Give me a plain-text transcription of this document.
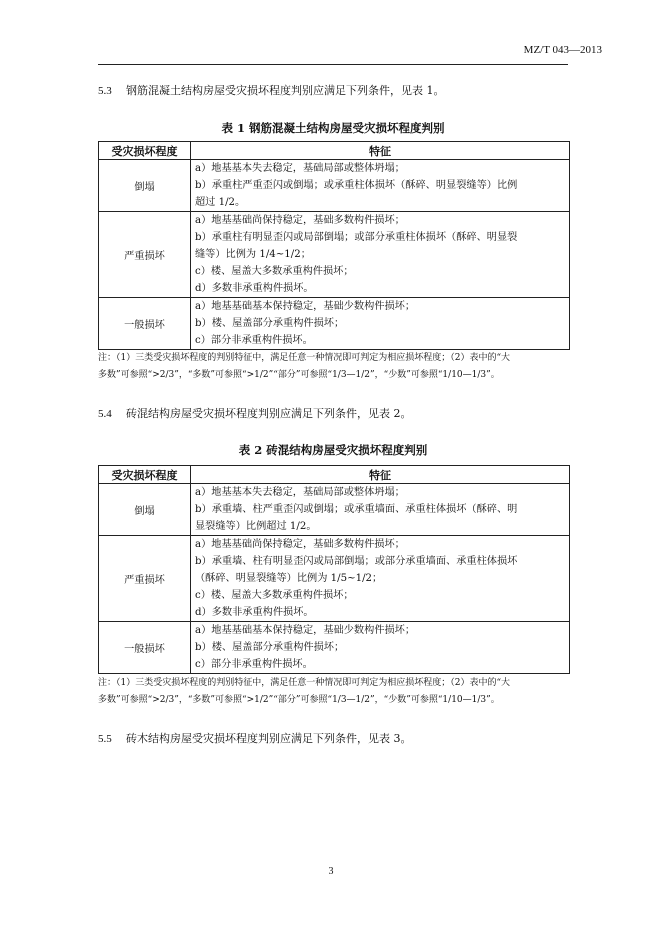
MZ/T 043—2013
5.3 钢筋混凝土结构房屋受灾损坏程度判别应满足下列条件，见表 1。
表 1 钢筋混凝土结构房屋受灾损坏程度判别
受灾损坏程度	特征
倒塌	a）地基基本失去稳定，基础局部或整体坍塌；
b）承重柱严重歪闪或倒塌；或承重柱体损坏（酥碎、明显裂缝等）比例
超过 1/2。

严重损坏	a）地基基础尚保持稳定，基础多数构件损坏；
b）承重柱有明显歪闪或局部倒塌；或部分承重柱体损坏（酥碎、明显裂
缝等）比例为 1/4~1/2；
c）楼、屋盖大多数承重构件损坏；
d）多数非承重构件损坏。

一般损坏	a）地基基础基本保持稳定，基础少数构件损坏；
b）楼、屋盖部分承重构件损坏；
c）部分非承重构件损坏。
注：（1）三类受灾损坏程度的判别特征中，满足任意一种情况即可判定为相应损坏程度；（2）表中的“大
多数”可参照“>2/3”，“多数”可参照“>1/2”“部分”可参照“1/3—1/2”，“少数”可参照“1/10—1/3”。
5.4 砖混结构房屋受灾损坏程度判别应满足下列条件，见表 2。
表 2 砖混结构房屋受灾损坏程度判别
受灾损坏程度	特征
倒塌	a）地基基本失去稳定，基础局部或整体坍塌；
b）承重墙、柱严重歪闪或倒塌；或承重墙面、承重柱体损坏（酥碎、明
显裂缝等）比例超过 1/2。

严重损坏	a）地基基础尚保持稳定，基础多数构件损坏；
b）承重墙、柱有明显歪闪或局部倒塌；或部分承重墙面、承重柱体损坏
（酥碎、明显裂缝等）比例为 1/5~1/2；
c）楼、屋盖大多数承重构件损坏；
d）多数非承重构件损坏。

一般损坏	a）地基基础基本保持稳定，基础少数构件损坏；
b）楼、屋盖部分承重构件损坏；
c）部分非承重构件损坏。
注：（1）三类受灾损坏程度的判别特征中，满足任意一种情况即可判定为相应损坏程度；（2）表中的“大
多数”可参照“>2/3”，“多数”可参照“>1/2”“部分”可参照“1/3—1/2”，“少数”可参照“1/10—1/3”。
5.5 砖木结构房屋受灾损坏程度判别应满足下列条件，见表 3。
3
